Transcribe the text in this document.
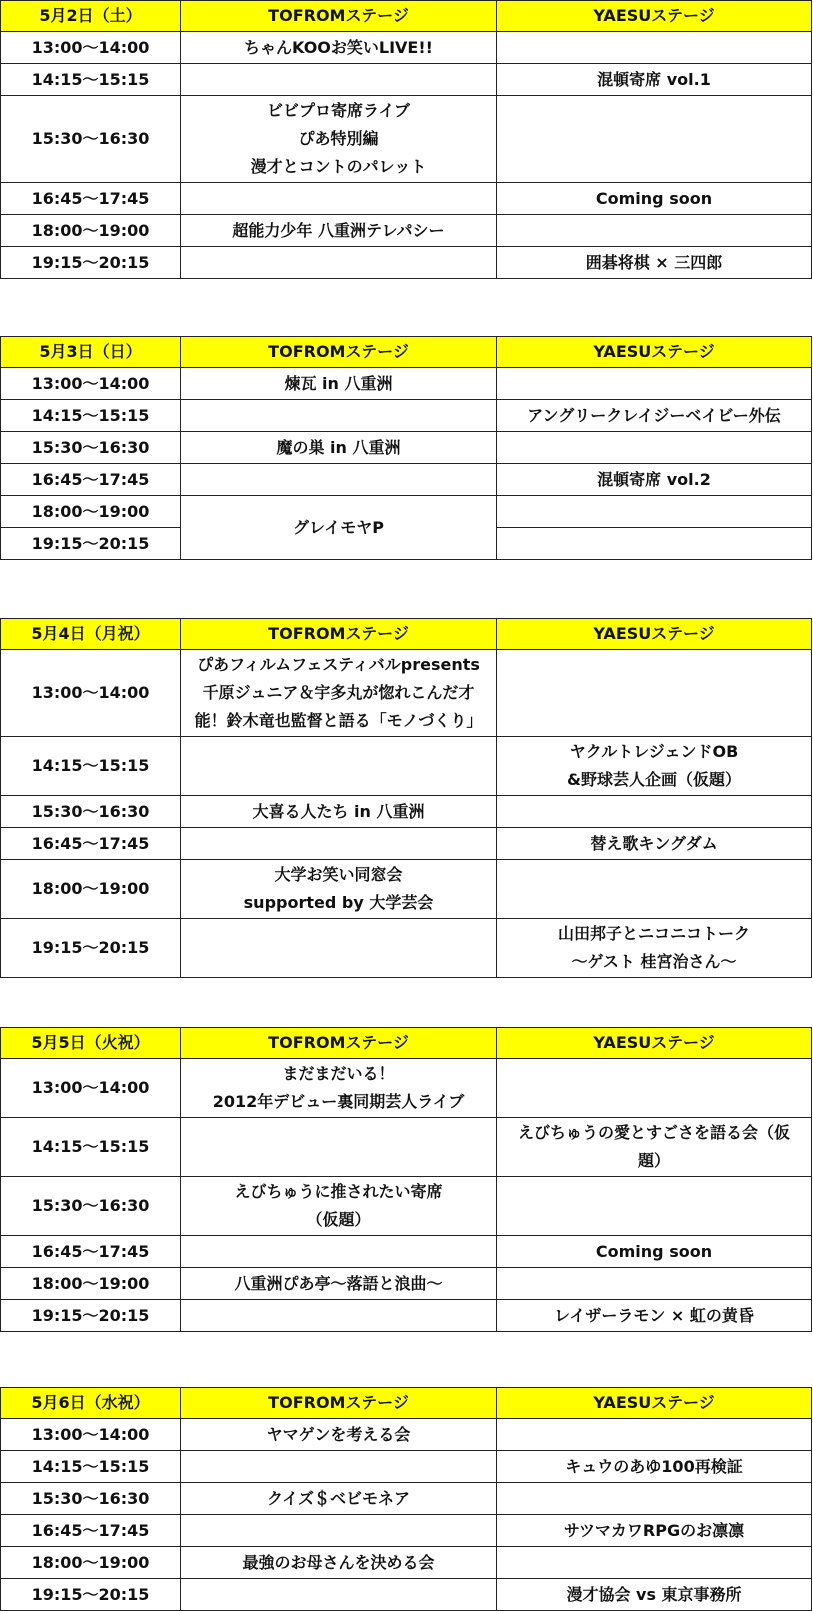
5月2日（土）	TOFROMステージ	YAESUステージ

13:00〜14:00	ちゃんKOOお笑いLIVE!!	

14:15〜15:15		混頓寄席 vol.1

15:30〜16:30	ビビプロ寄席ライブ
ぴあ特別編
漫才とコントのパレット	

16:45〜17:45		Coming soon

18:00〜19:00	超能力少年 八重洲テレパシー	

19:15〜20:15		囲碁将棋 × 三四郎
5月3日（日）	TOFROMステージ	YAESUステージ

13:00〜14:00	煉瓦 in 八重洲	

14:15〜15:15		アングリークレイジーベイビー外伝

15:30〜16:30	魔の巣 in 八重洲	

16:45〜17:45		混頓寄席 vol.2

18:00〜19:00	グレイモヤP	

19:15〜20:15		

5月4日（月祝）	TOFROMステージ	YAESUステージ

13:00〜14:00	ぴあフィルムフェスティバルpresents
千原ジュニア＆宇多丸が惚れこんだ才
能！鈴木竜也監督と語る「モノづくり」	

14:15〜15:15		ヤクルトレジェンドOB
&野球芸人企画（仮題）

15:30〜16:30	大喜る人たち in 八重洲	

16:45〜17:45		替え歌キングダム

18:00〜19:00	大学お笑い同窓会
supported by 大学芸会	

19:15〜20:15		山田邦子とニコニコトーク
〜ゲスト 桂宮治さん〜
5月5日（火祝）	TOFROMステージ	YAESUステージ

13:00〜14:00	まだまだいる！
2012年デビュー裏同期芸人ライブ	

14:15〜15:15		えびちゅうの愛とすごさを語る会（仮
題）

15:30〜16:30	えびちゅうに推されたい寄席
（仮題）	

16:45〜17:45		Coming soon

18:00〜19:00	八重洲ぴあ亭〜落語と浪曲〜	

19:15〜20:15		レイザーラモン × 虹の黄昏
5月6日（水祝）	TOFROMステージ	YAESUステージ

13:00〜14:00	ヤマゲンを考える会	

14:15〜15:15		キュウのあゆ100再検証

15:30〜16:30	クイズ＄ベビモネア	

16:45〜17:45		サツマカワRPGのお凛凛

18:00〜19:00	最強のお母さんを決める会	

19:15〜20:15		漫才協会 vs 東京事務所
